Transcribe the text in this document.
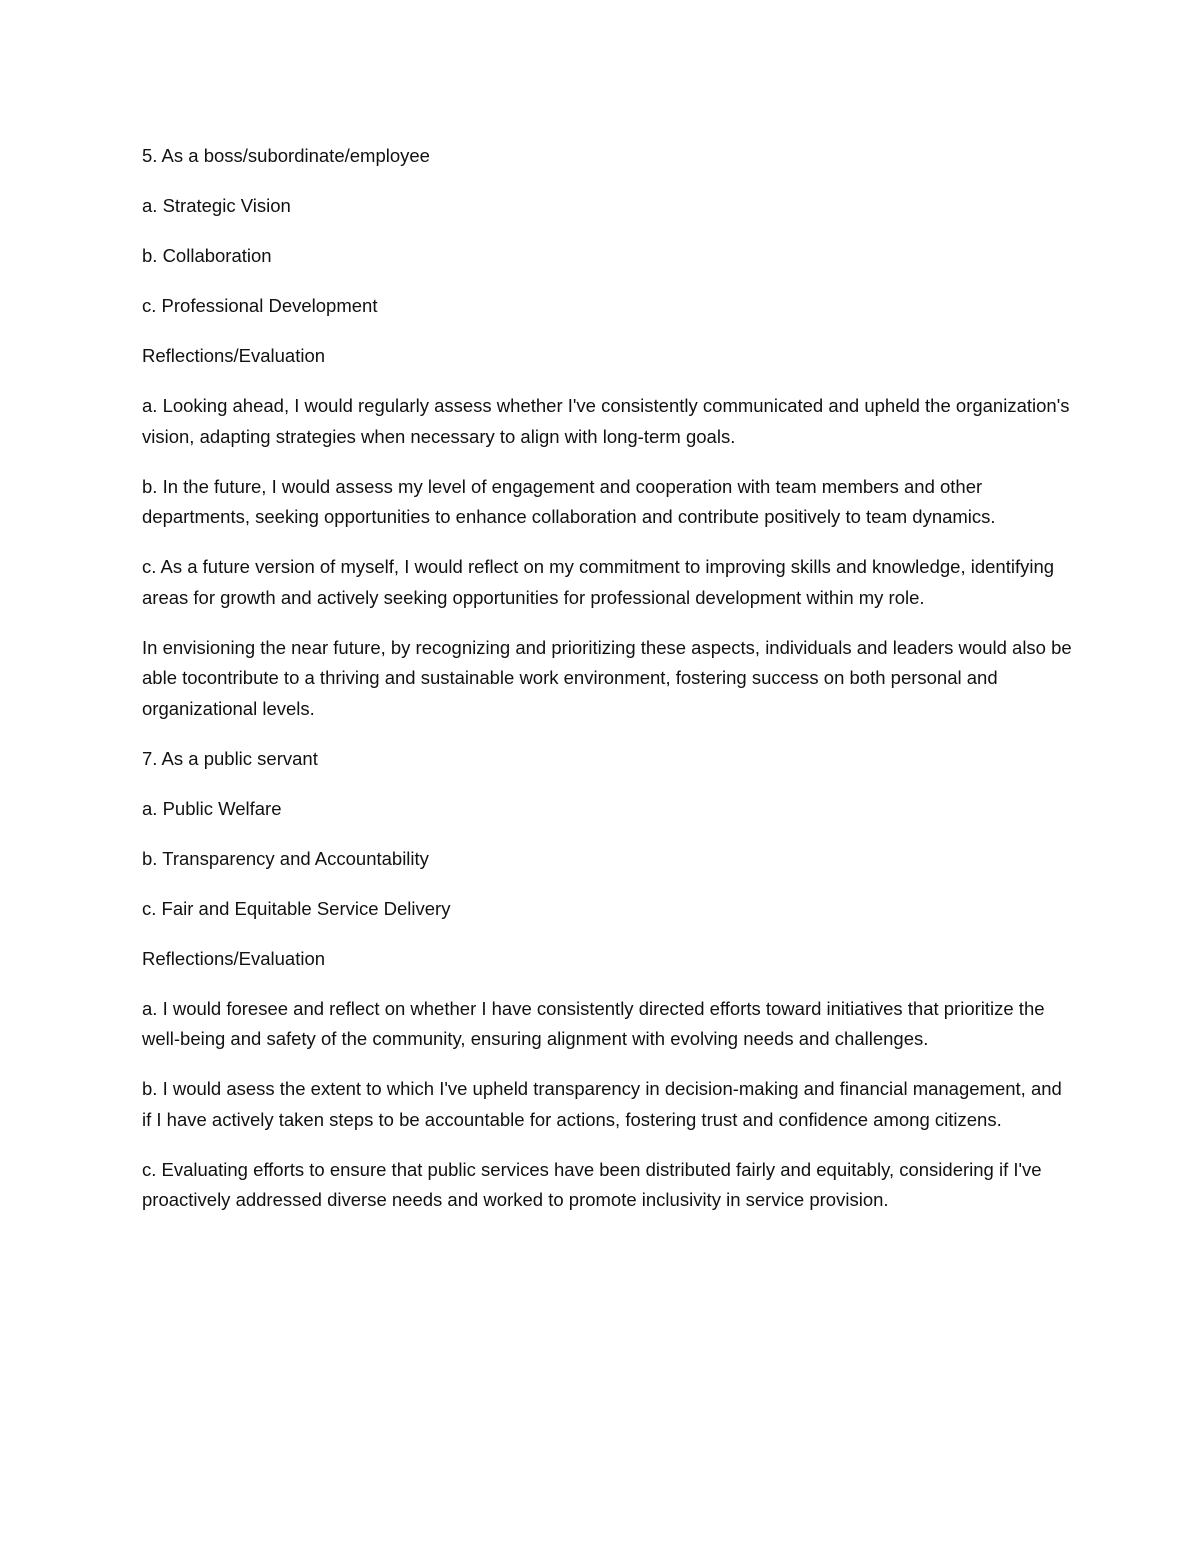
5. As a boss/subordinate/employee

a. Strategic Vision

b. Collaboration

c. Professional Development

Reflections/Evaluation

a. Looking ahead, I would regularly assess whether I've consistently communicated and upheld the organization's vision, adapting strategies when necessary to align with long-term goals.

b. In the future, I would assess my level of engagement and cooperation with team members and other departments, seeking opportunities to enhance collaboration and contribute positively to team dynamics.

c. As a future version of myself, I would reflect on my commitment to improving skills and knowledge, identifying areas for growth and actively seeking opportunities for professional development within my role.

In envisioning the near future, by recognizing and prioritizing these aspects, individuals and leaders would also be able tocontribute to a thriving and sustainable work environment, fostering success on both personal and organizational levels.

7. As a public servant

a. Public Welfare

b. Transparency and Accountability

c. Fair and Equitable Service Delivery

Reflections/Evaluation

a. I would foresee and reflect on whether I have consistently directed efforts toward initiatives that prioritize the well-being and safety of the community, ensuring alignment with evolving needs and challenges.

b. I would asess the extent to which I've upheld transparency in decision-making and financial management, and if I have actively taken steps to be accountable for actions, fostering trust and confidence among citizens.

c. Evaluating efforts to ensure that public services have been distributed fairly and equitably, considering if I've proactively addressed diverse needs and worked to promote inclusivity in service provision.
